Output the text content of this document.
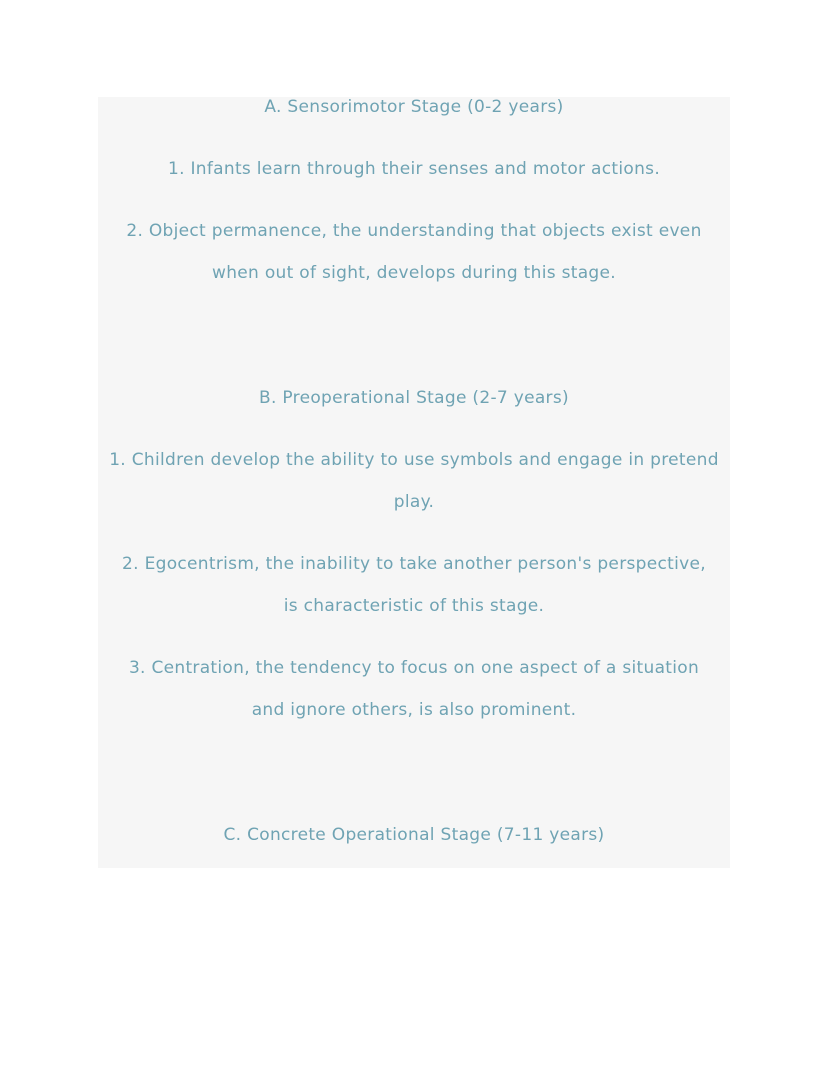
A. Sensorimotor Stage (0-2 years)
1. Infants learn through their senses and motor actions.
2. Object permanence, the understanding that objects exist even
when out of sight, develops during this stage.
B. Preoperational Stage (2-7 years)
1. Children develop the ability to use symbols and engage in pretend
play.
2. Egocentrism, the inability to take another person's perspective,
is characteristic of this stage.
3. Centration, the tendency to focus on one aspect of a situation
and ignore others, is also prominent.
C. Concrete Operational Stage (7-11 years)
